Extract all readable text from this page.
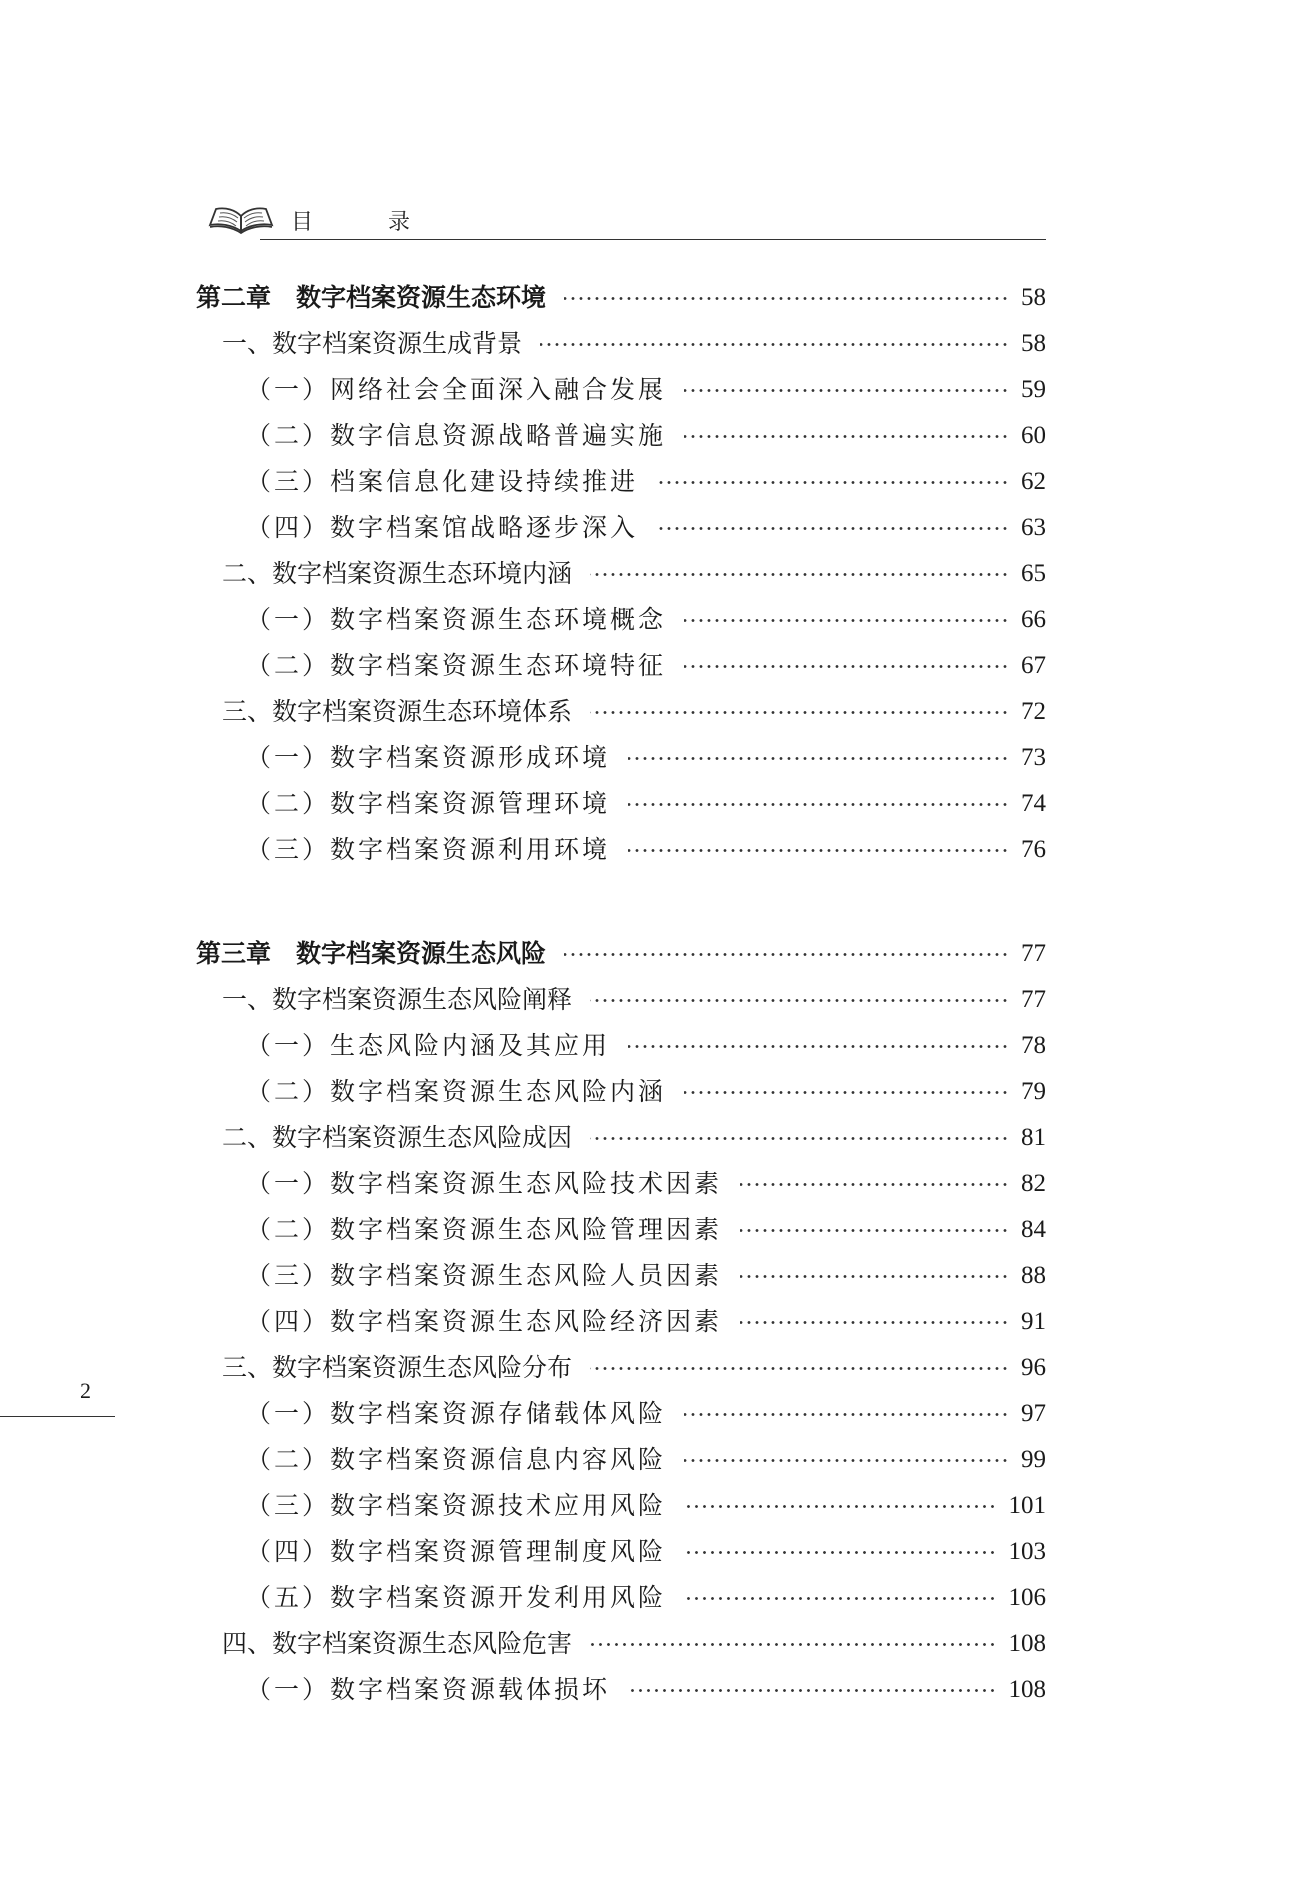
目 录
第二章　数字档案资源生态环境	58
一、数字档案资源生成背景	58
（一）网络社会全面深入融合发展	59
（二）数字信息资源战略普遍实施	60
（三）档案信息化建设持续推进	62
（四）数字档案馆战略逐步深入	63
二、数字档案资源生态环境内涵	65
（一）数字档案资源生态环境概念	66
（二）数字档案资源生态环境特征	67
三、数字档案资源生态环境体系	72
（一）数字档案资源形成环境	73
（二）数字档案资源管理环境	74
（三）数字档案资源利用环境	76
第三章　数字档案资源生态风险	77
一、数字档案资源生态风险阐释	77
（一）生态风险内涵及其应用	78
（二）数字档案资源生态风险内涵	79
二、数字档案资源生态风险成因	81
（一）数字档案资源生态风险技术因素	82
（二）数字档案资源生态风险管理因素	84
（三）数字档案资源生态风险人员因素	88
（四）数字档案资源生态风险经济因素	91
三、数字档案资源生态风险分布	96
（一）数字档案资源存储载体风险	97
（二）数字档案资源信息内容风险	99
（三）数字档案资源技术应用风险	101
（四）数字档案资源管理制度风险	103
（五）数字档案资源开发利用风险	106
四、数字档案资源生态风险危害	108
（一）数字档案资源载体损坏	108
2
